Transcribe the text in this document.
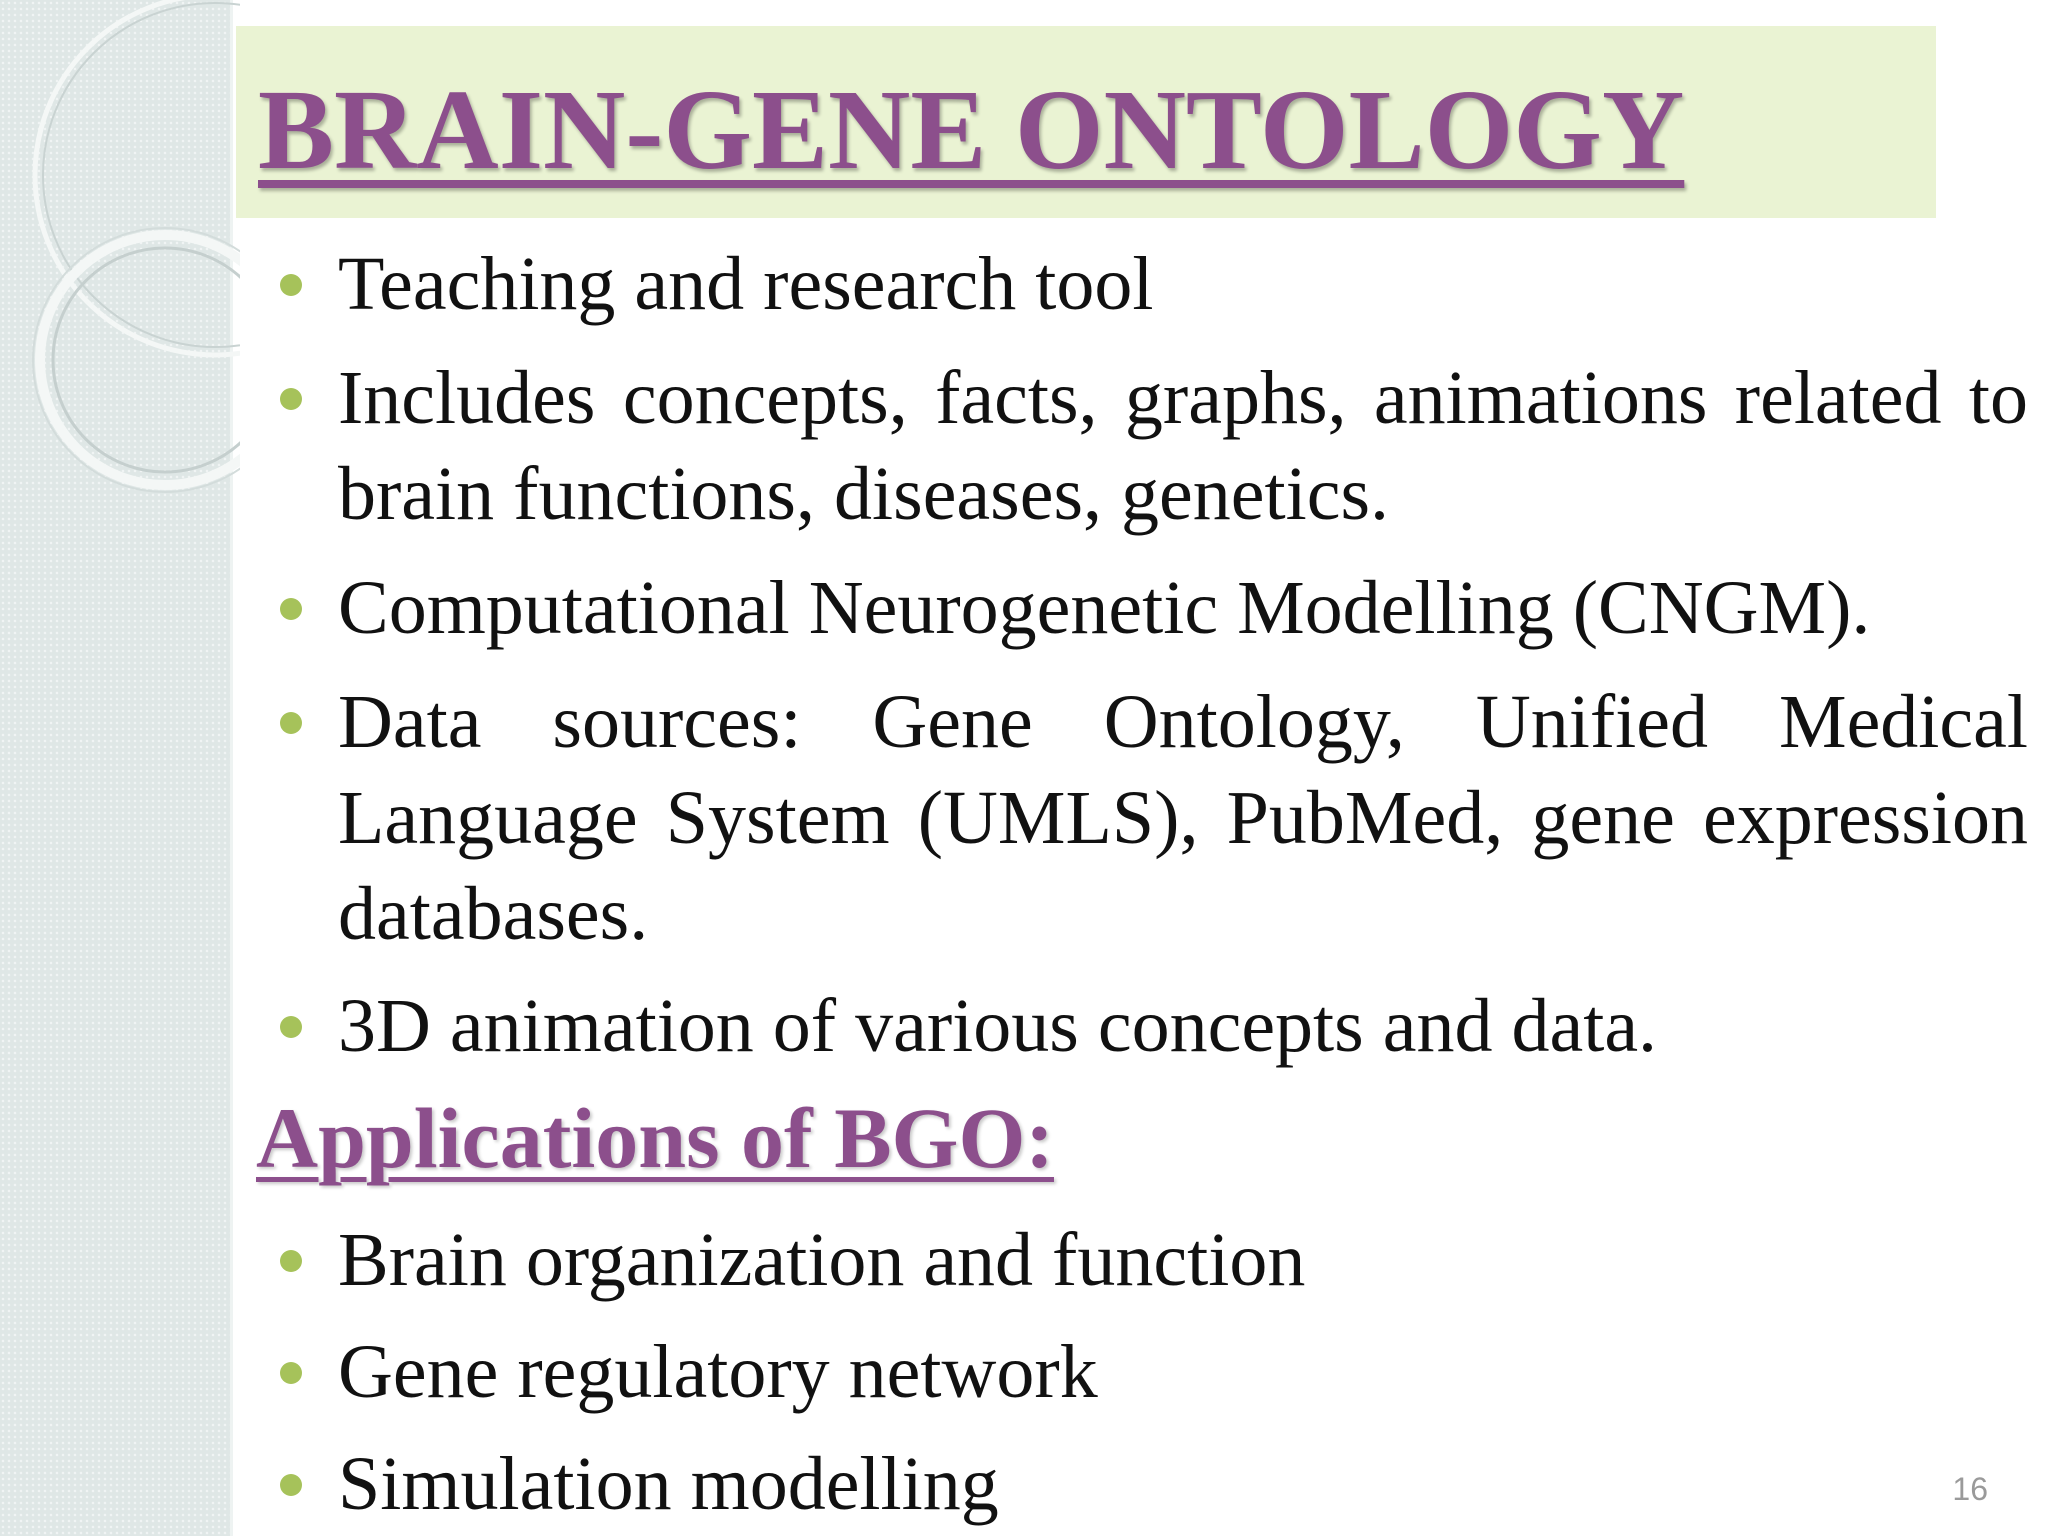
BRAIN-GENE ONTOLOGY
Teaching and research tool
Includes concepts, facts, graphs, animations related to brain functions, diseases, genetics.
Computational Neurogenetic Modelling (CNGM).
Data sources: Gene Ontology, Unified Medical Language System (UMLS), PubMed, gene expression databases.
3D animation of various concepts and data.
Applications of BGO:
Brain organization and function
Gene regulatory network
Simulation modelling	16
